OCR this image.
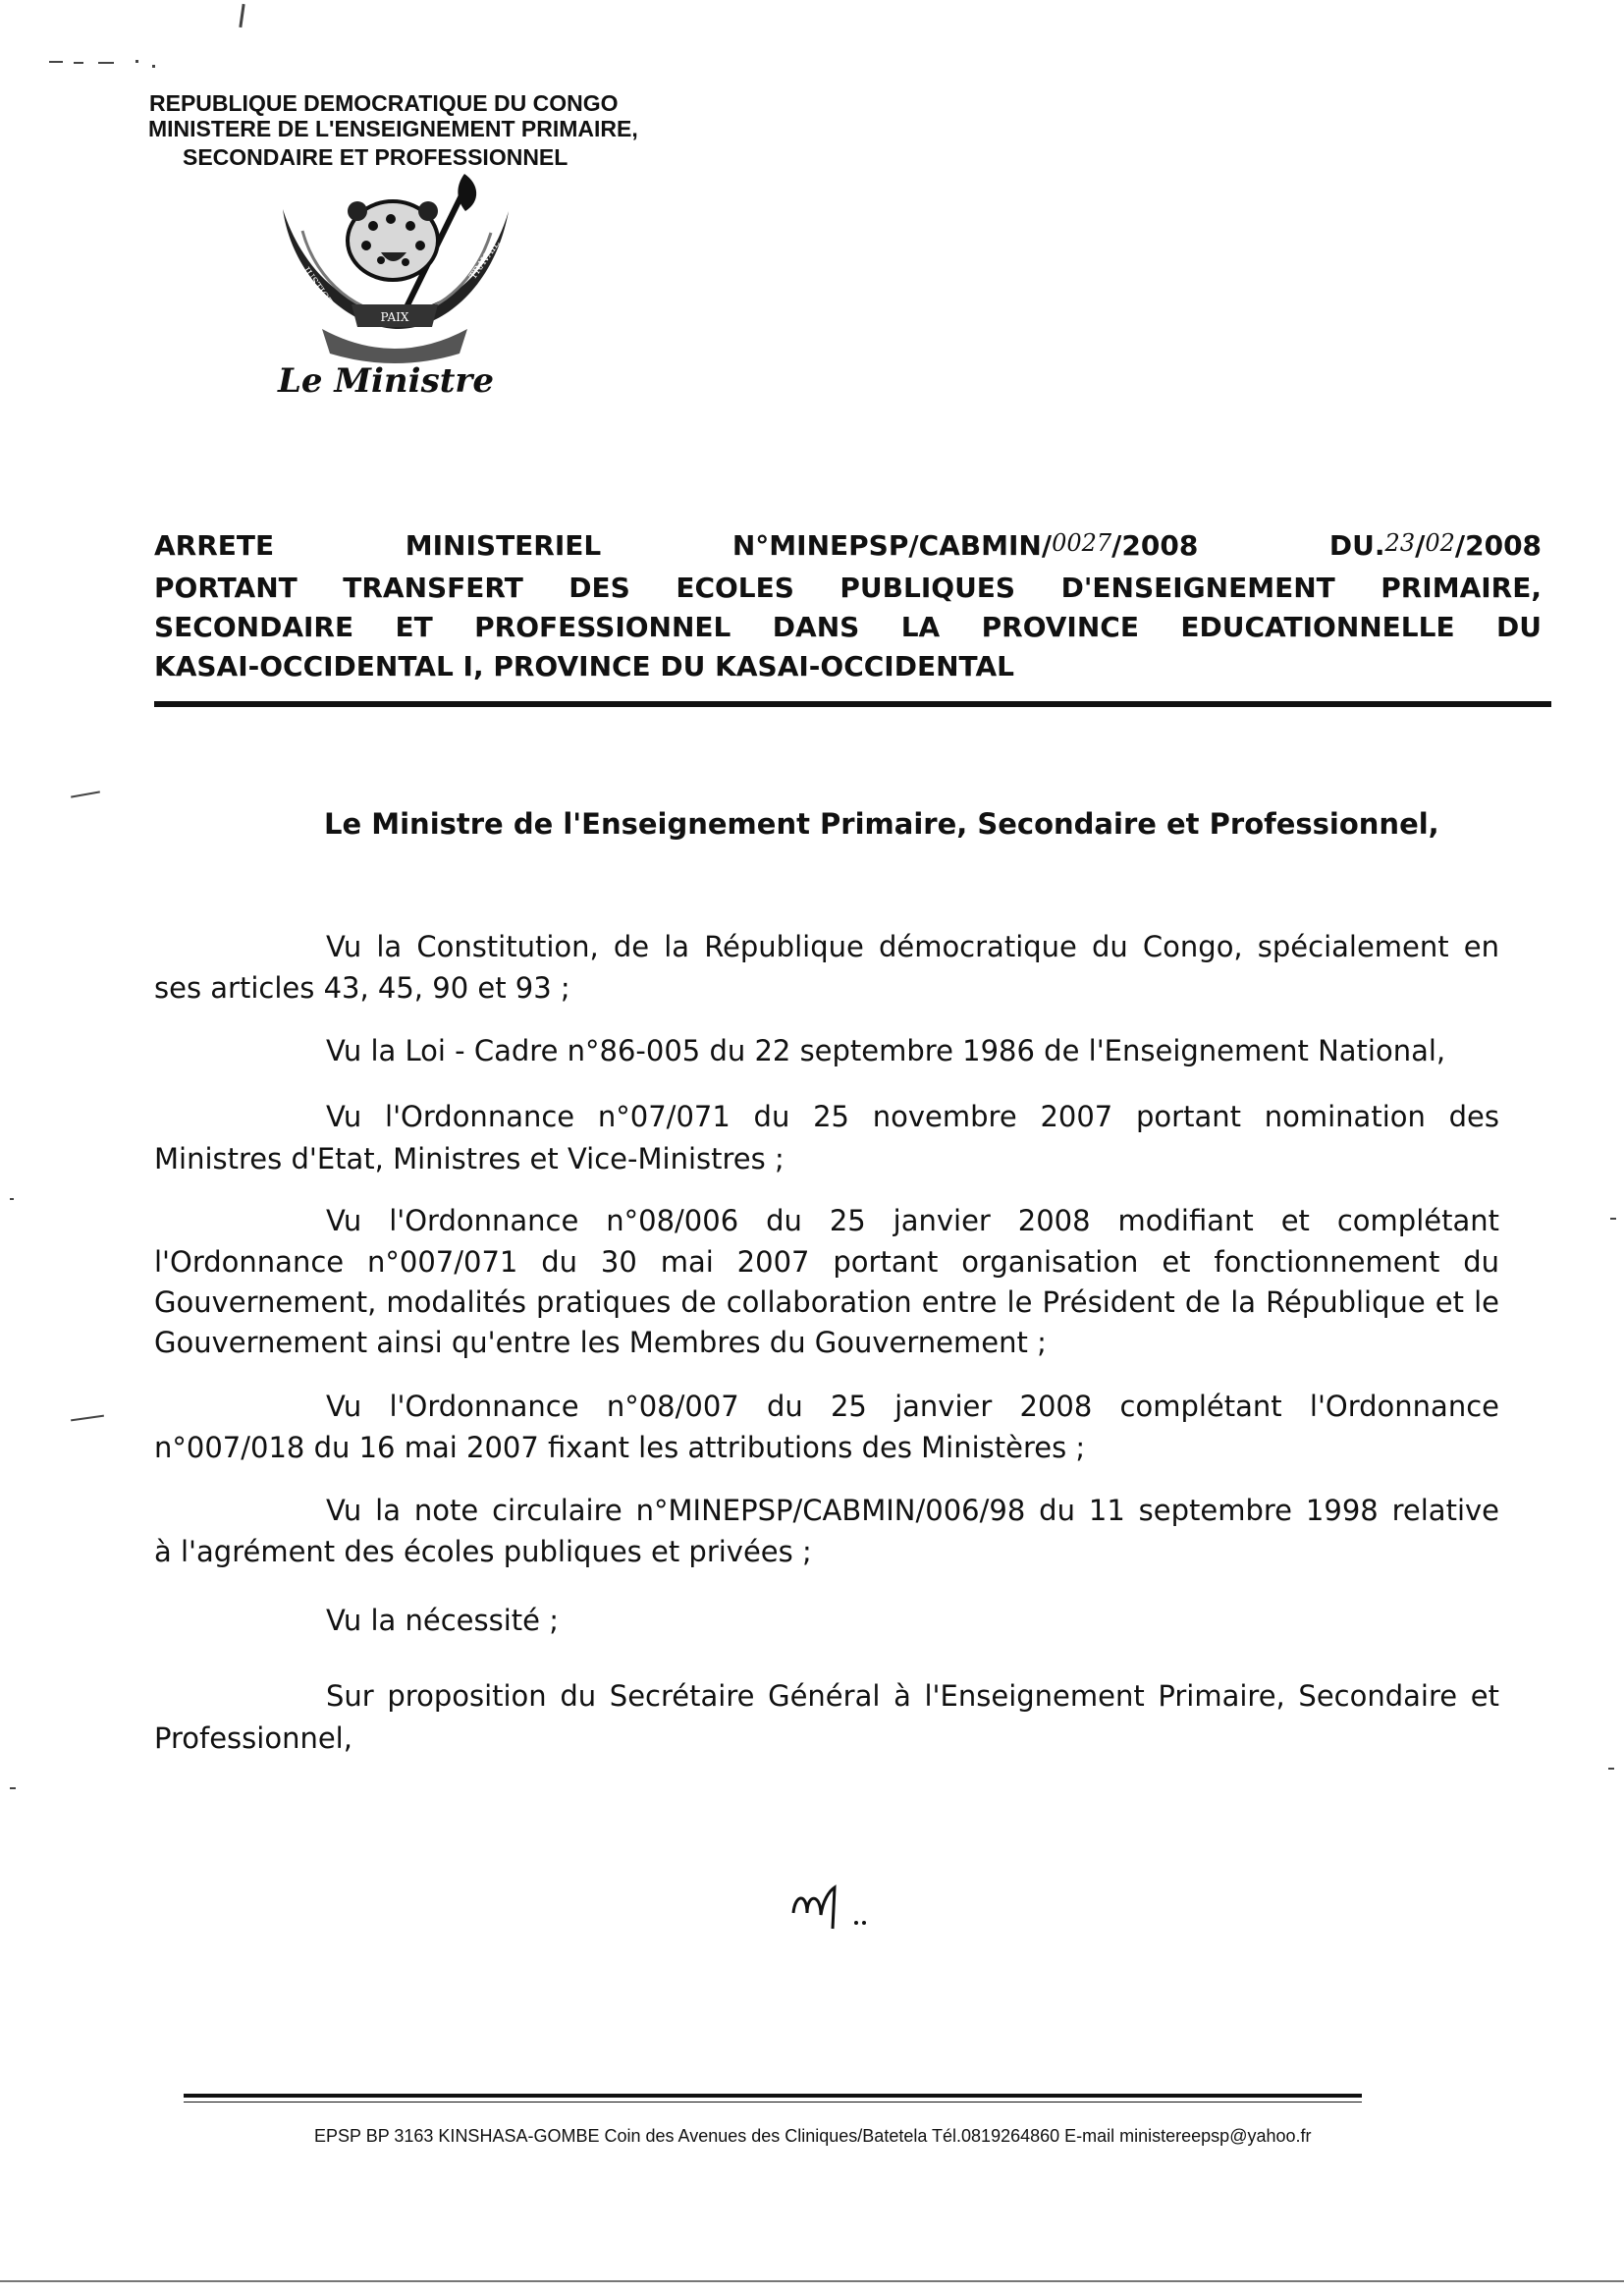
REPUBLIQUE DEMOCRATIQUE DU CONGO
MINISTERE DE L'ENSEIGNEMENT PRIMAIRE,
SECONDAIRE ET PROFESSIONNEL
PAIX
JUSTICE
TRAVAIL
Le Ministre
ARRETE	MINISTERIEL	N°MINEPSP/CABMIN/0027/2008	DU.23/02/2008
PORTANT TRANSFERT DES ECOLES PUBLIQUES D'ENSEIGNEMENT PRIMAIRE,
SECONDAIRE ET PROFESSIONNEL DANS LA PROVINCE EDUCATIONNELLE DU
KASAI-OCCIDENTAL I, PROVINCE DU KASAI-OCCIDENTAL
Le Ministre de l'Enseignement Primaire, Secondaire et Professionnel,
Vu la Constitution, de la République démocratique du Congo, spécialement en
ses articles 43, 45, 90 et 93 ;
Vu la Loi - Cadre n°86-005 du 22 septembre 1986 de l'Enseignement National,
Vu l'Ordonnance n°07/071 du 25 novembre 2007 portant nomination des
Ministres d'Etat, Ministres et Vice-Ministres ;
Vu l'Ordonnance n°08/006 du 25 janvier 2008 modifiant et complétant
l'Ordonnance n°007/071 du 30 mai 2007 portant organisation et fonctionnement du
Gouvernement, modalités pratiques de collaboration entre le Président de la République et le
Gouvernement ainsi qu'entre les Membres du Gouvernement ;
Vu l'Ordonnance n°08/007 du 25 janvier 2008 complétant l'Ordonnance
n°007/018 du 16 mai 2007 fixant les attributions des Ministères ;
Vu la note circulaire n°MINEPSP/CABMIN/006/98 du 11 septembre 1998 relative
à l'agrément des écoles publiques et privées ;
Vu la nécessité ;
Sur proposition du Secrétaire Général à l'Enseignement Primaire, Secondaire et
Professionnel,
EPSP BP 3163 KINSHASA-GOMBE Coin des Avenues des Cliniques/Batetela Tél.0819264860 E-mail ministereepsp@yahoo.fr
